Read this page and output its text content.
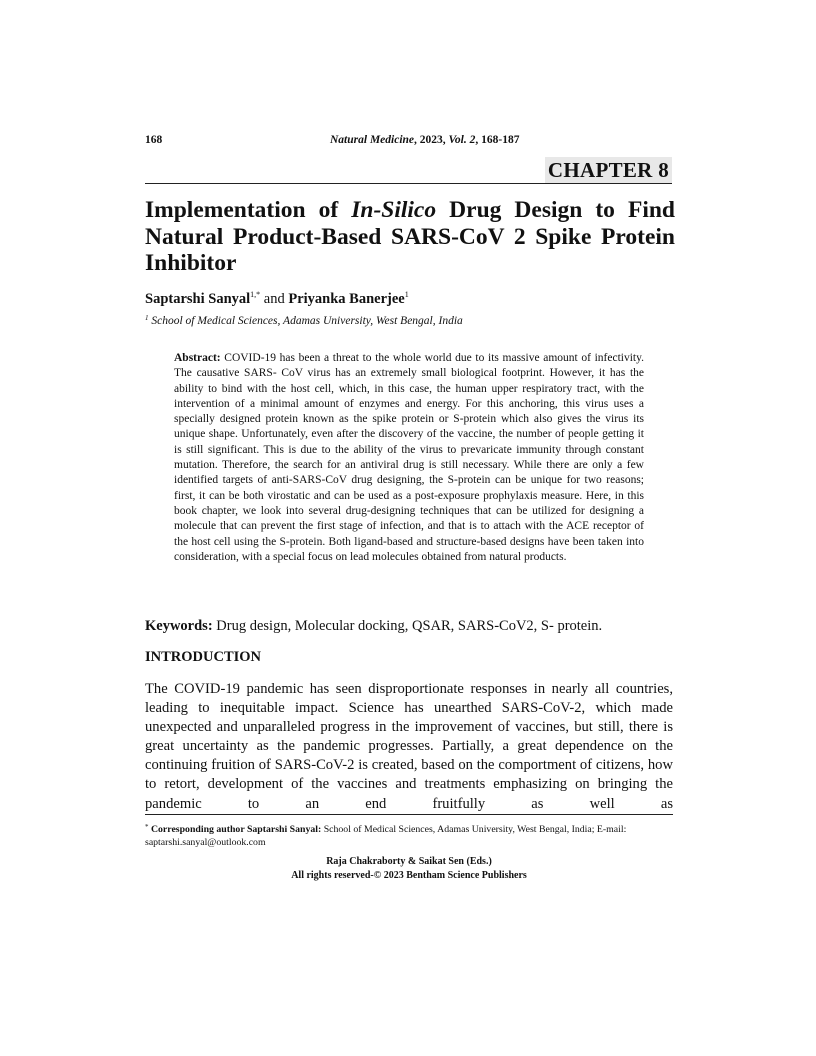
168	Natural Medicine, 2023, Vol. 2, 168-187
CHAPTER 8
Implementation of In-Silico Drug Design to Find Natural Product-Based SARS-CoV 2 Spike Protein Inhibitor
Saptarshi Sanyal$^{1,*}$ and Priyanka Banerjee$^1$
$^1$ School of Medical Sciences, Adamas University, West Bengal, India
Abstract: COVID-19 has been a threat to the whole world due to its massive amount of infectivity. The causative SARS- CoV virus has an extremely small biological footprint. However, it has the ability to bind with the host cell, which, in this case, the human upper respiratory tract, with the intervention of a minimal amount of enzymes and energy. For this anchoring, this virus uses a specially designed protein known as the spike protein or S-protein which also gives the virus its unique shape. Unfortunately, even after the discovery of the vaccine, the number of people getting it is still significant. This is due to the ability of the virus to prevaricate immunity through constant mutation. Therefore, the search for an antiviral drug is still necessary. While there are only a few identified targets of anti-SARS-CoV drug designing, the S-protein can be unique for two reasons; first, it can be both virostatic and can be used as a post-exposure prophylaxis measure. Here, in this book chapter, we look into several drug-designing techniques that can be utilized for designing a molecule that can prevent the first stage of infection, and that is to attach with the ACE receptor of the host cell using the S-protein. Both ligand-based and structure-based designs have been taken into consideration, with a special focus on lead molecules obtained from natural products.
Keywords: Drug design, Molecular docking, QSAR, SARS-CoV2, S- protein.
INTRODUCTION
The COVID-19 pandemic has seen disproportionate responses in nearly all countries, leading to inequitable impact. Science has unearthed SARS-CoV-2, which made unexpected and unparalleled progress in the improvement of vaccines, but still, there is great uncertainty as the pandemic progresses. Partially, a great dependence on the continuing fruition of SARS-CoV-2 is created, based on the comportment of citizens, how to retort, development of the vaccines and treatments emphasizing on bringing the pandemic to an end fruitfully as well as
* Corresponding author Saptarshi Sanyal: School of Medical Sciences, Adamas University, West Bengal, India; E-mail: saptarshi.sanyal@outlook.com
Raja Chakraborty & Saikat Sen (Eds.)
All rights reserved-© 2023 Bentham Science Publishers
